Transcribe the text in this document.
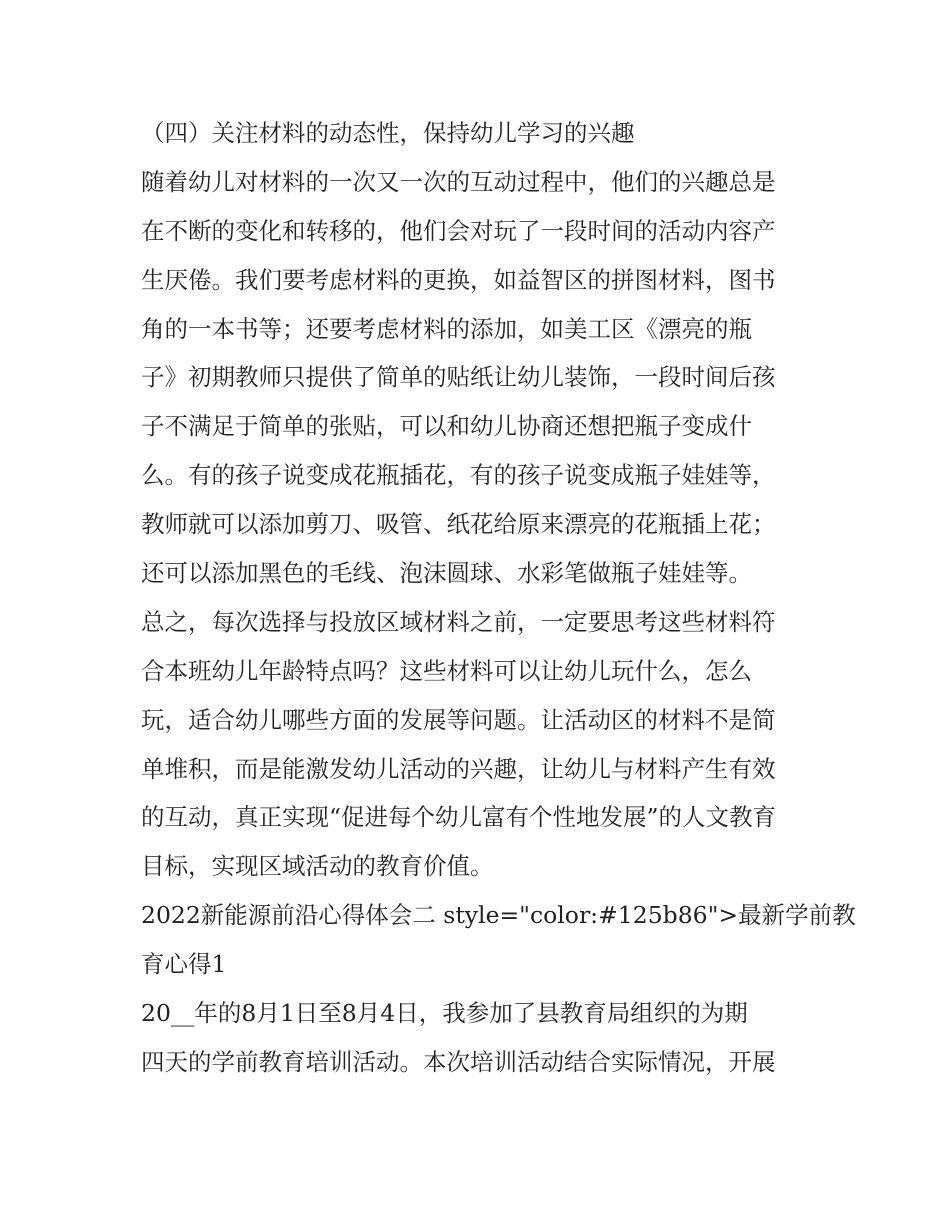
（四）关注材料的动态性，保持幼儿学习的兴趣
随着幼儿对材料的一次又一次的互动过程中，他们的兴趣总是
在不断的变化和转移的，他们会对玩了一段时间的活动内容产
生厌倦。我们要考虑材料的更换，如益智区的拼图材料，图书
角的一本书等；还要考虑材料的添加，如美工区《漂亮的瓶
子》初期教师只提供了简单的贴纸让幼儿装饰，一段时间后孩
子不满足于简单的张贴，可以和幼儿协商还想把瓶子变成什
么。有的孩子说变成花瓶插花，有的孩子说变成瓶子娃娃等，
教师就可以添加剪刀、吸管、纸花给原来漂亮的花瓶插上花；
还可以添加黑色的毛线、泡沫圆球、水彩笔做瓶子娃娃等。
总之，每次选择与投放区域材料之前，一定要思考这些材料符
合本班幼儿年龄特点吗？这些材料可以让幼儿玩什么，怎么
玩，适合幼儿哪些方面的发展等问题。让活动区的材料不是简
单堆积，而是能激发幼儿活动的兴趣，让幼儿与材料产生有效
的互动，真正实现“促进每个幼儿富有个性地发展”的人文教育
目标，实现区域活动的教育价值。
2022新能源前沿心得体会二 style="color:#125b86">最新学前教
育心得1
20__年的8月1日至8月4日，我参加了县教育局组织的为期
四天的学前教育培训活动。本次培训活动结合实际情况，开展
